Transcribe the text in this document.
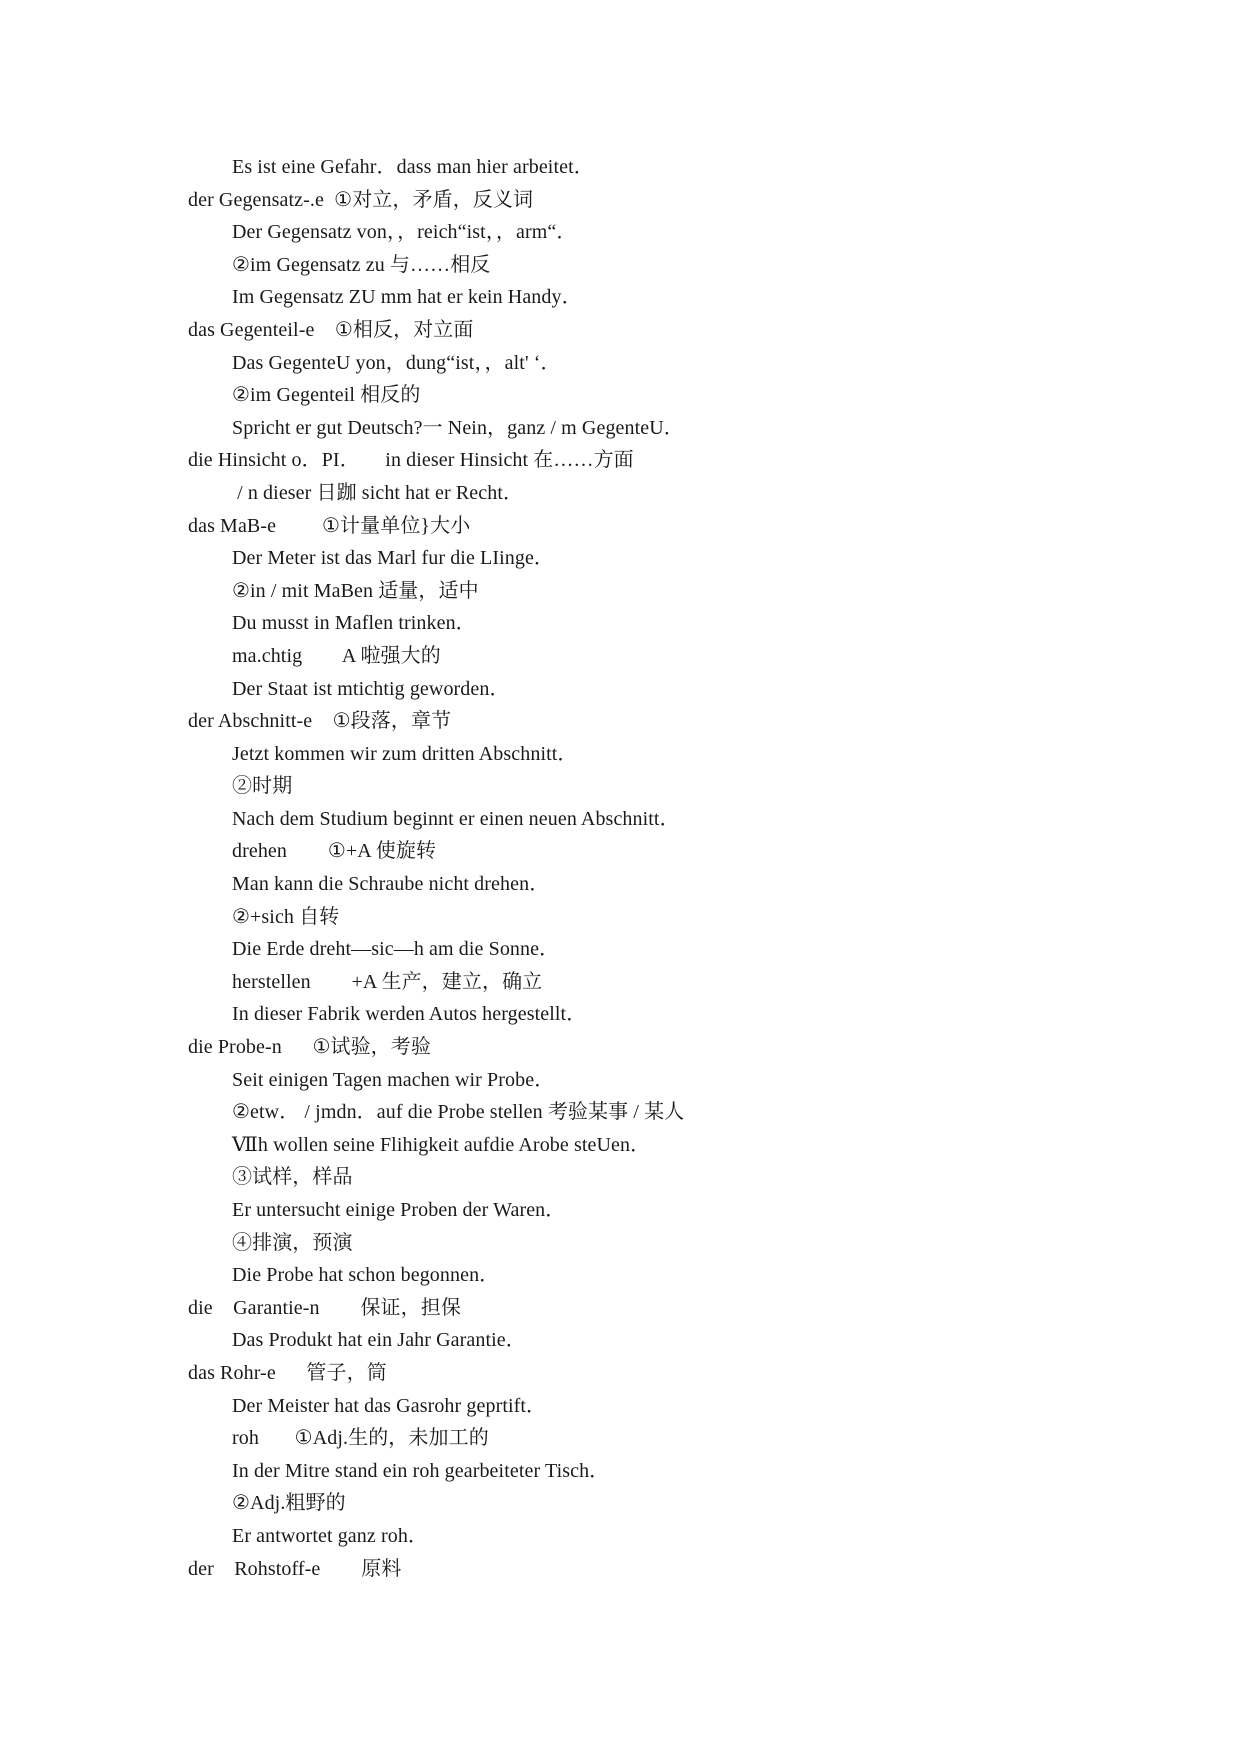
Es ist eine Gefahr．dass man hier arbeitet．
der Gegensatz-.e  ①对立，矛盾，反义词
Der Gegensatz von，，reich“ist，，arm“．
②im Gegensatz zu 与……相反
Im Gegensatz ZU mm hat er kein Handy．
das Gegenteil-e    ①相反，对立面
Das GegenteU yon，dung“ist，，alt' ‘．
②im Gegenteil 相反的
Spricht er gut Deutsch?一 Nein，ganz / m GegenteU．
die Hinsicht o．PI．     in dieser Hinsicht 在……方面
/ n dieser 日跏 sicht hat er Recht．
das MaB-e         ①计量单位}大小
Der Meter ist das Marl fur die LIinge．
②in / mit MaBen 适量，适中
Du musst in Maflen trinken．
ma.chtig        A 啦强大的
Der Staat ist mtichtig geworden．
der Abschnitt-e    ①段落，章节
Jetzt kommen wir zum dritten Abschnitt．
②时期
Nach dem Studium beginnt er einen neuen Abschnitt．
drehen        ①+A 使旋转
Man kann die Schraube nicht drehen．
②+sich 自转
Die Erde dreht—sic—h am die Sonne．
herstellen        +A 生产，建立，确立
In dieser Fabrik werden Autos hergestellt．
die Probe-n      ①试验，考验
Seit einigen Tagen machen wir Probe．
②etw． / jmdn．auf die Probe stellen 考验某事 / 某人
Ⅶh wollen seine Flihigkeit aufdie Arobe steUen．
③试样，样品
Er untersucht einige Proben der Waren．
④排演，预演
Die Probe hat schon begonnen．
die    Garantie-n        保证，担保
Das Produkt hat ein Jahr Garantie．
das Rohr-e      管子，筒
Der Meister hat das Gasrohr geprtift．
roh       ①Adj.生的，未加工的
In der Mitre stand ein roh gearbeiteter Tisch．
②Adj.粗野的
Er antwortet ganz roh．
der    Rohstoff-e        原料
